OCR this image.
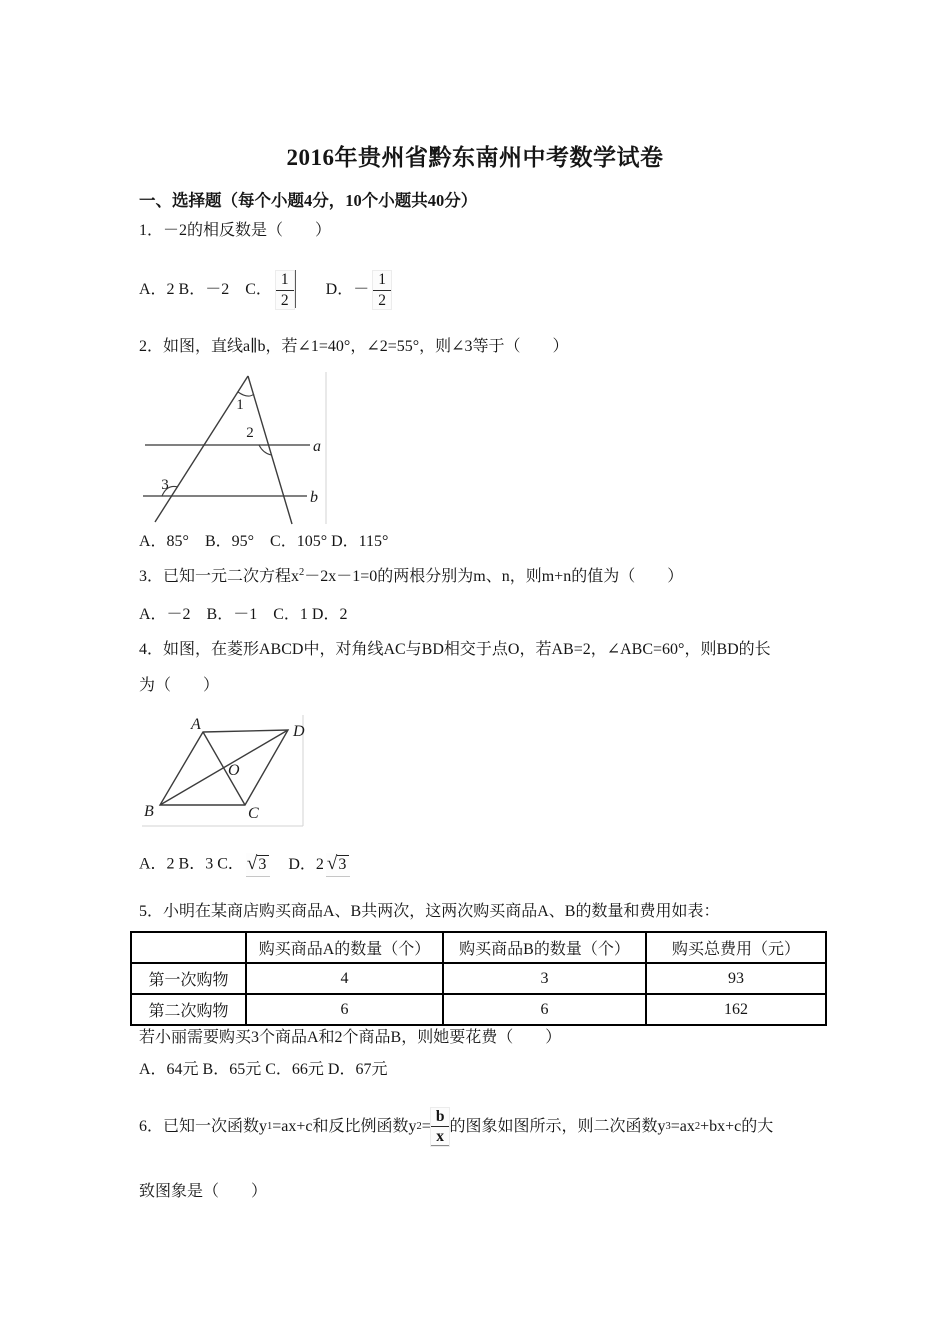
2016年贵州省黔东南州中考数学试卷
一、选择题（每个小题4分，10个小题共40分）
1．－2的相反数是（　　）
A．2 B．－2　C． $\frac{1}{2}$ D．－ $\frac{1}{2}$
2．如图，直线a∥b，若∠1=40°，∠2=55°，则∠3等于（　　）
1
2
3
a
b
A．85°　B．95°　C．105° D．115°
3．已知一元二次方程$x^2-2x-1=0$的两根分别为m、n，则m+n的值为（　　）
A．－2　B．－1　C．1 D．2
4．如图，在菱形ABCD中，对角线AC与BD相交于点O，若AB=2，∠ABC=60°，则BD的长
为（　　）
A	D
B	C
O
A．2 B．3 C． √3 D．2 √3
5．小明在某商店购买商品A、B共两次，这两次购买商品A、B的数量和费用如表：
	购买商品A的数量（个）	购买商品B的数量（个）	购买总费用（元）
第一次购物	4	3	93
第二次购物	6	6	162
若小丽需要购买3个商品A和2个商品B，则她要花费（　　）
A．64元 B．65元 C．66元 D．67元
6．已知一次函数y 1 =ax+c和反比例函数y $2 = \frac{b}{x}$ 的图象如图所示，则二次函数y 3 =ax 2 +bx+c的大
致图象是（　　）
